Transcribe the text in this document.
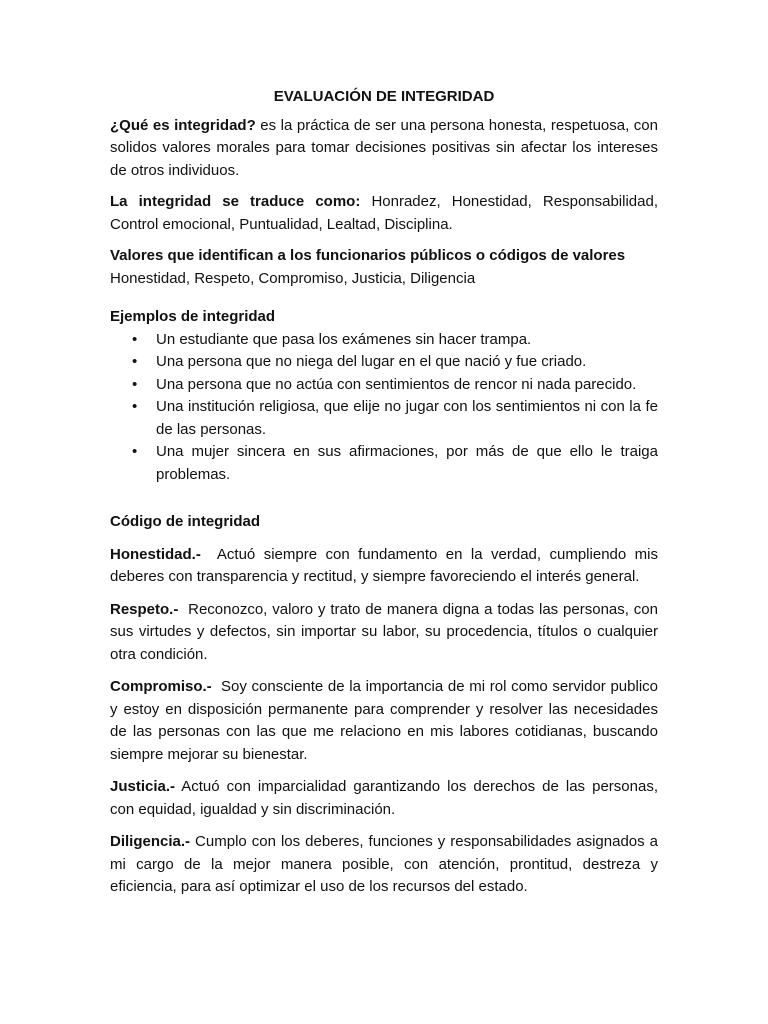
EVALUACIÓN DE INTEGRIDAD

¿Qué es integridad? es la práctica de ser una persona honesta, respetuosa, con solidos valores morales para tomar decisiones positivas sin afectar los intereses de otros individuos.

La integridad se traduce como: Honradez, Honestidad, Responsabilidad, Control emocional, Puntualidad, Lealtad, Disciplina.

Valores que identifican a los funcionarios públicos o códigos de valores
Honestidad, Respeto, Compromiso, Justicia, Diligencia

Ejemplos de integridad
• Un estudiante que pasa los exámenes sin hacer trampa.
• Una persona que no niega del lugar en el que nació y fue criado.
• Una persona que no actúa con sentimientos de rencor ni nada parecido.
• Una institución religiosa, que elije no jugar con los sentimientos ni con la fe de las personas.
• Una mujer sincera en sus afirmaciones, por más de que ello le traiga problemas.
Código de integridad

Honestidad.-  Actuó siempre con fundamento en la verdad, cumpliendo mis deberes con transparencia y rectitud, y siempre favoreciendo el interés general.

Respeto.-  Reconozco, valoro y trato de manera digna a todas las personas, con sus virtudes y defectos, sin importar su labor, su procedencia, títulos o cualquier otra condición.

Compromiso.-  Soy consciente de la importancia de mi rol como servidor publico y estoy en disposición permanente para comprender y resolver las necesidades de las personas con las que me relaciono en mis labores cotidianas, buscando siempre mejorar su bienestar.

Justicia.- Actuó con imparcialidad garantizando los derechos de las personas, con equidad, igualdad y sin discriminación.

Diligencia.- Cumplo con los deberes, funciones y responsabilidades asignados a mi cargo de la mejor manera posible, con atención, prontitud, destreza y eficiencia, para así optimizar el uso de los recursos del estado.
